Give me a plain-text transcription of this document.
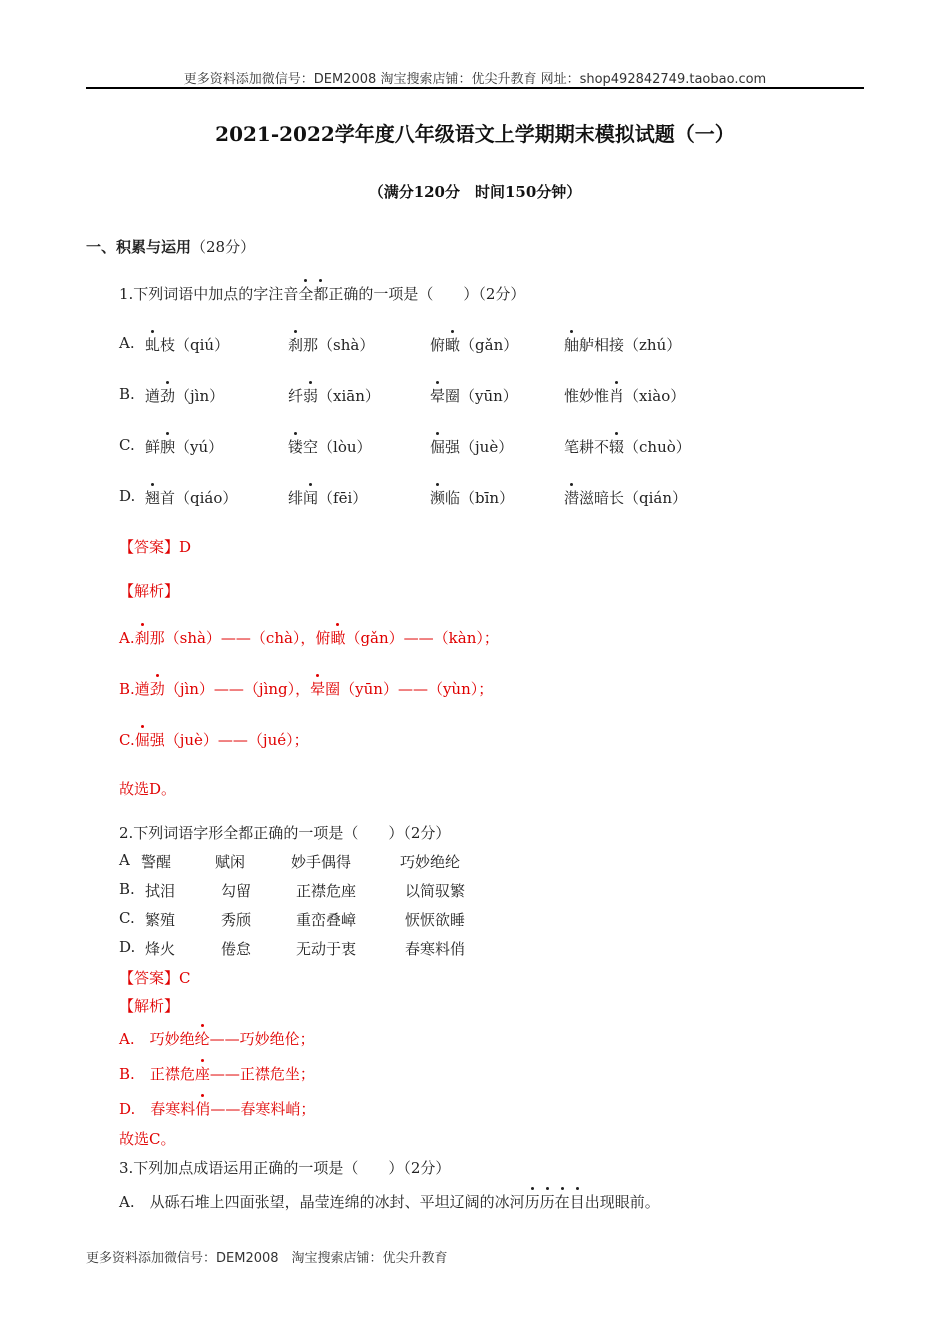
更多资料添加微信号：DEM2008 淘宝搜索店铺：优尖升教育 网址：shop492842749.taobao.com
2021-2022学年度八年级语文上学期期末模拟试题（一）
（满分120分　时间150分钟）
一、积累与运用（28分）
1.下列词语中加点的字注音全都正确的一项是（　　）（2分）
A. 虬枝（qiú）	刹那（shà）	俯瞰（gǎn）	舳舻相接（zhú）
B. 遒劲（jìn）	纤弱（xiān）	晕圈（yūn）	惟妙惟肖（xiào）
C. 鲜腴（yú）	镂空（lòu）	倔强（juè）	笔耕不辍（chuò）
D. 翘首（qiáo）	绯闻（fēi）	濒临（bīn）	潜滋暗长（qián）
【答案】D
【解析】
A.刹那（shà）——（chà），俯瞰（gǎn）——（kàn）；
B.遒劲（jìn）——（jìng），晕圈（yūn）——（yùn）；
C.倔强（juè）——（jué）；
故选D。
2.下列词语字形全都正确的一项是（　　）（2分）
A 警醒	赋闲	妙手偶得	巧妙绝纶
B. 拭泪	勾留	正襟危座	以简驭繁
C. 繁殖	秀颀	重峦叠嶂	恹恹欲睡
D. 烽火	倦怠	无动于衷	春寒料俏
【答案】C
【解析】
A.　 巧妙绝纶——巧妙绝伦；
B.　 正襟危座——正襟危坐；
D.　 春寒料俏——春寒料峭；
故选C。
3.下列加点成语运用正确的一项是（　　）（2分）
A.　 从砾石堆上四面张望，晶莹连绵的冰封、平坦辽阔的冰河历历在目出现眼前。
更多资料添加微信号：DEM2008　淘宝搜索店铺：优尖升教育
